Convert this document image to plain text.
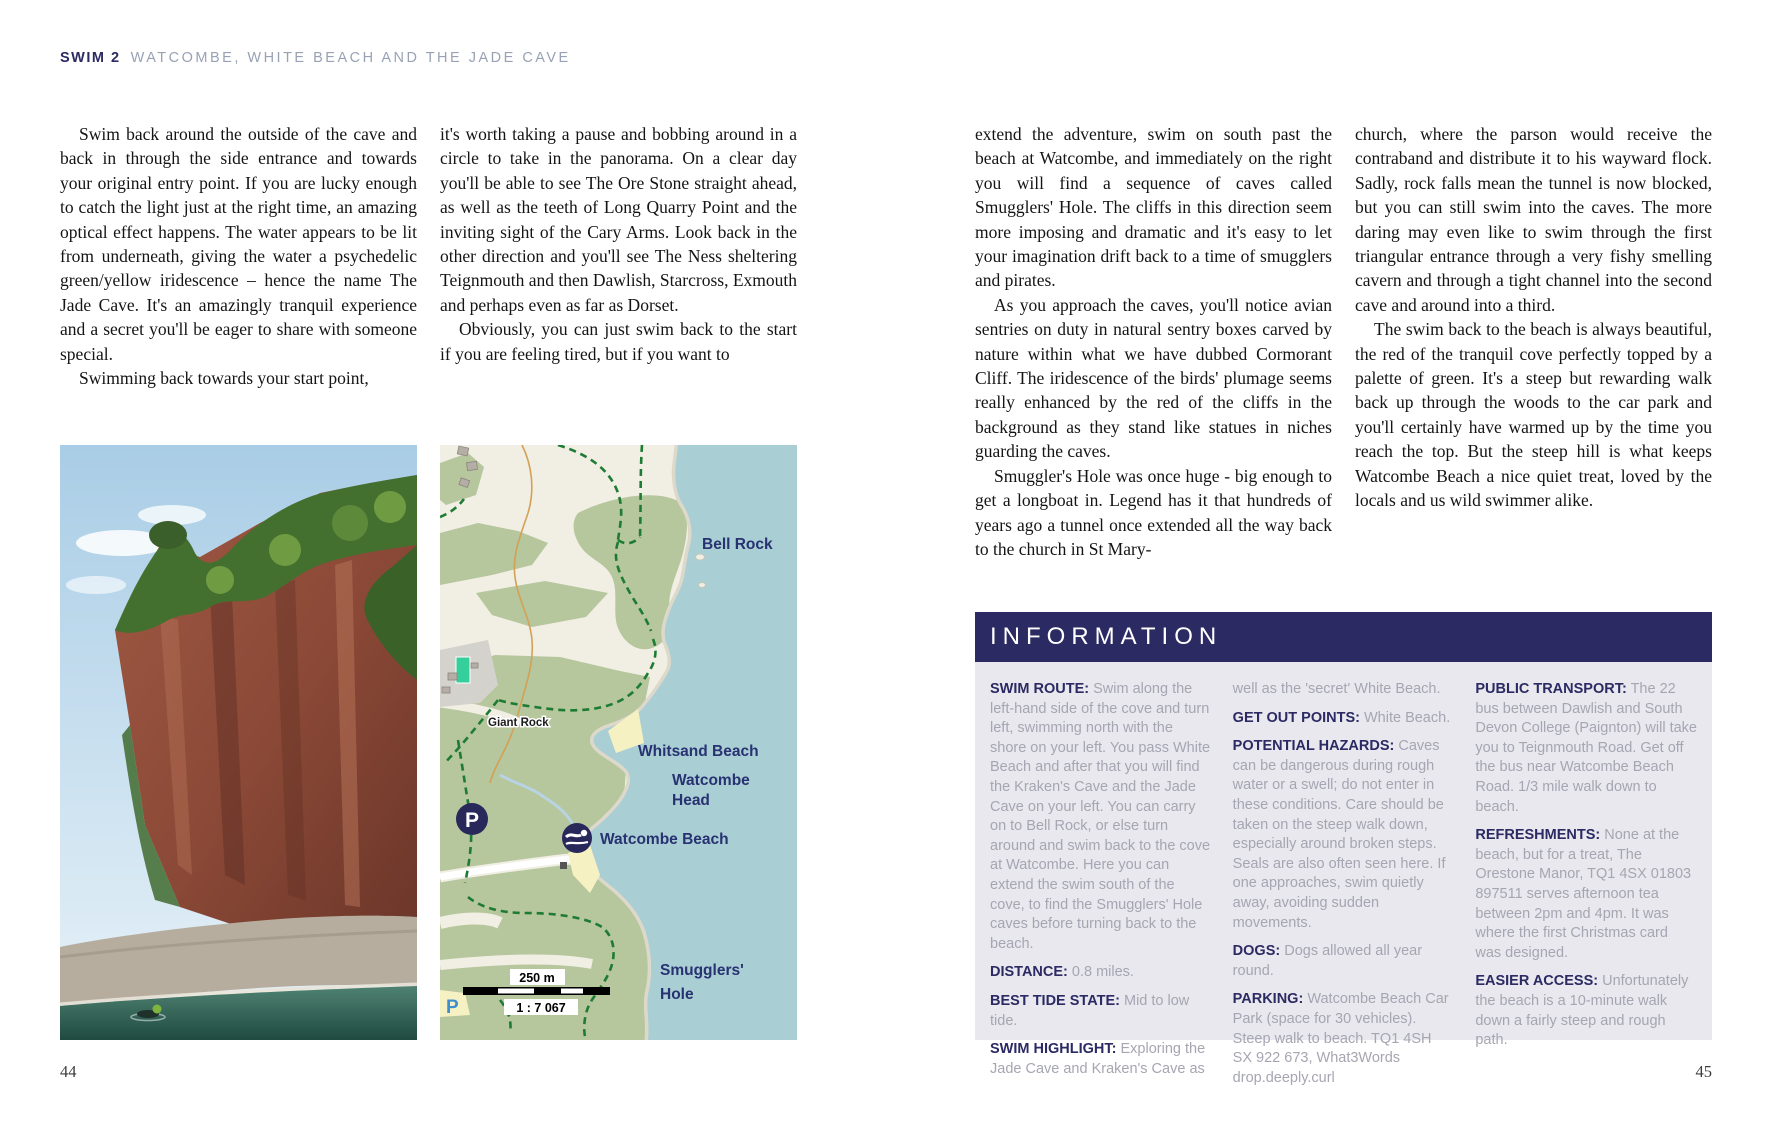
SWIM 2 WATCOMBE, WHITE BEACH AND THE JADE CAVE

Swim back around the outside of the cave and back in through the side entrance and towards your original entry point. If you are lucky enough to catch the light just at the right time, an amazing optical effect happens. The water appears to be lit from underneath, giving the water a psychedelic green/yellow iridescence – hence the name The Jade Cave. It's an amazingly tranquil experience and a secret you'll be eager to share with someone special.

Swimming back towards your start point,

it's worth taking a pause and bobbing around in a circle to take in the panorama. On a clear day you'll be able to see The Ore Stone straight ahead, as well as the teeth of Long Quarry Point and the inviting sight of the Cary Arms. Look back in the other direction and you'll see The Ness sheltering Teignmouth and then Dawlish, Starcross, Exmouth and perhaps even as far as Dorset.

Obviously, you can just swim back to the start if you are feeling tired, but if you want to

extend the adventure, swim on south past the beach at Watcombe, and immediately on the right you will find a sequence of caves called Smugglers' Hole. The cliffs in this direction seem more imposing and dramatic and it's easy to let your imagination drift back to a time of smugglers and pirates.

As you approach the caves, you'll notice avian sentries on duty in natural sentry boxes carved by nature within what we have dubbed Cormorant Cliff. The iridescence of the birds' plumage seems really enhanced by the red of the cliffs in the background as they stand like statues in niches guarding the caves.

Smuggler's Hole was once huge - big enough to get a longboat in. Legend has it that hundreds of years ago a tunnel once extended all the way back to the church in St Mary-

church, where the parson would receive the contraband and distribute it to his wayward flock. Sadly, rock falls mean the tunnel is now blocked, but you can still swim into the caves. The more daring may even like to swim through the first triangular entrance through a very fishy smelling cavern and through a tight channel into the second cave and around into a third.

The swim back to the beach is always beautiful, the red of the tranquil cove perfectly topped by a palette of green. It's a steep but rewarding walk back up through the woods to the car park and you'll certainly have warmed up by the time you reach the top. But the steep hill is what keeps Watcombe Beach a nice quiet treat, loved by the locals and us wild swimmer alike.

P
P
250 m
1 : 7 067
Bell Rock
Giant Rock
Whitsand Beach
Watcombe
Head
Watcombe Beach
Smugglers'
Hole
INFORMATION

SWIM ROUTE: Swim along the left-hand side of the cove and turn left, swimming north with the shore on your left. You pass White Beach and after that you will find the Kraken's Cave and the Jade Cave on your left. You can carry on to Bell Rock, or else turn around and swim back to the cove at Watcombe. Here you can extend the swim south of the cove, to find the Smugglers' Hole caves before turning back to the beach.

DISTANCE: 0.8 miles.

BEST TIDE STATE: Mid to low tide.

SWIM HIGHLIGHT: Exploring the Jade Cave and Kraken's Cave as

well as the 'secret' White Beach.

GET OUT POINTS: White Beach.

POTENTIAL HAZARDS: Caves can be dangerous during rough water or a swell; do not enter in these conditions. Care should be taken on the steep walk down, especially around broken steps. Seals are also often seen here. If one approaches, swim quietly away, avoiding sudden movements.

DOGS: Dogs allowed all year round.

PARKING: Watcombe Beach Car Park (space for 30 vehicles). Steep walk to beach. TQ1 4SH SX 922 673, What3Words drop.deeply.curl

PUBLIC TRANSPORT: The 22 bus between Dawlish and South Devon College (Paignton) will take you to Teignmouth Road. Get off the bus near Watcombe Beach Road. 1/3 mile walk down to beach.

REFRESHMENTS: None at the beach, but for a treat, The Orestone Manor, TQ1 4SX 01803 897511 serves afternoon tea between 2pm and 4pm. It was where the first Christmas card was designed.

EASIER ACCESS: Unfortunately the beach is a 10-minute walk down a fairly steep and rough path.

44	45
